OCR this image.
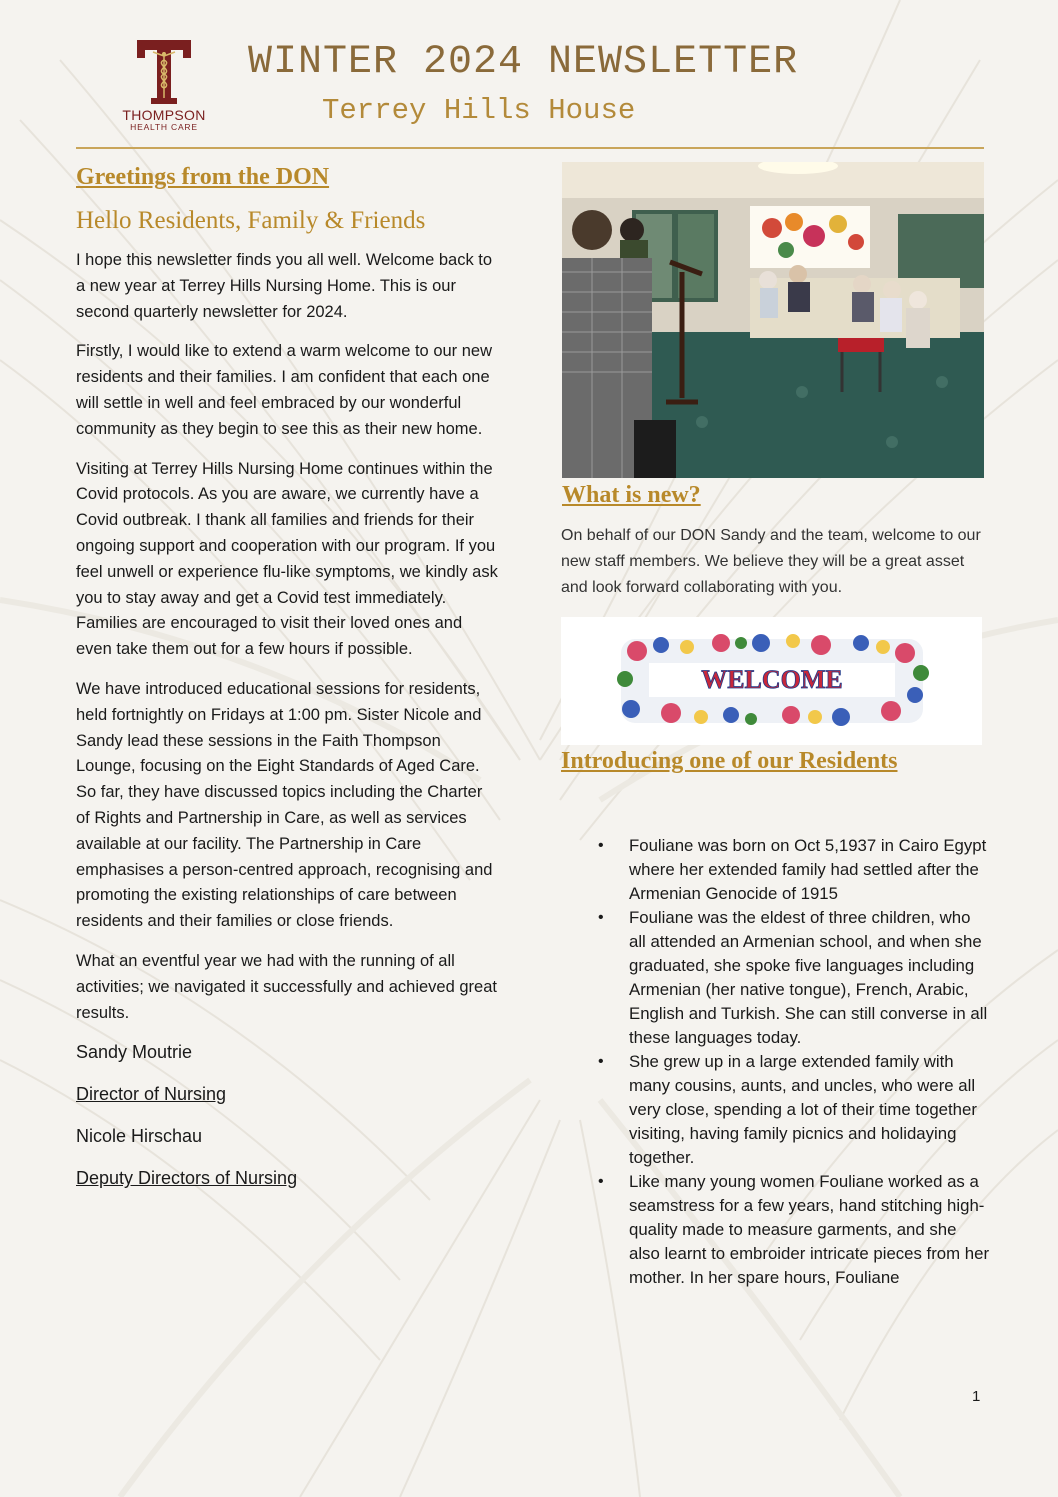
THOMPSON
HEALTH CARE
WINTER 2024 NEWSLETTER
Terrey Hills House
Greetings from the DON
Hello Residents, Family & Friends

I hope this newsletter finds you all well. Welcome back to a new year at Terrey Hills Nursing Home. This is our second quarterly newsletter for 2024.

Firstly, I would like to extend a warm welcome to our new residents and their families. I am confident that each one will settle in well and feel embraced by our wonderful community as they begin to see this as their new home.

Visiting at Terrey Hills Nursing Home continues within the Covid protocols. As you are aware, we currently have a Covid outbreak. I thank all families and friends for their ongoing support and cooperation with our program. If you feel unwell or experience flu-like symptoms, we kindly ask you to stay away and get a Covid test immediately. Families are encouraged to visit their loved ones and even take them out for a few hours if possible.

We have introduced educational sessions for residents, held fortnightly on Fridays at 1:00 pm. Sister Nicole and Sandy lead these sessions in the Faith Thompson Lounge, focusing on the Eight Standards of Aged Care. So far, they have discussed topics including the Charter of Rights and Partnership in Care, as well as services available at our facility. The Partnership in Care emphasises a person-centred approach, recognising and promoting the existing relationships of care between residents and their families or close friends.

What an eventful year we had with the running of all activities; we navigated it successfully and achieved great results.

Sandy Moutrie

Director of Nursing

Nicole Hirschau

Deputy Directors of Nursing

What is new?

On behalf of our DON Sandy and the team, welcome to our new staff members. We believe they will be a great asset and look forward collaborating with you.

WELCOME
Introducing one of our Residents
• Fouliane was born on Oct 5,1937 in Cairo Egypt where her extended family had settled after the Armenian Genocide of 1915
• Fouliane was the eldest of three children, who all attended an Armenian school, and when she graduated, she spoke five languages including Armenian (her native tongue), French, Arabic, English and Turkish. She can still converse in all these languages today.
• She grew up in a large extended family with many cousins, aunts, and uncles, who were all very close, spending a lot of their time together visiting, having family picnics and holidaying together.
• Like many young women Fouliane worked as a seamstress for a few years, hand stitching high-quality made to measure garments, and she also learnt to embroider intricate pieces from her mother. In her spare hours, Fouliane
1
